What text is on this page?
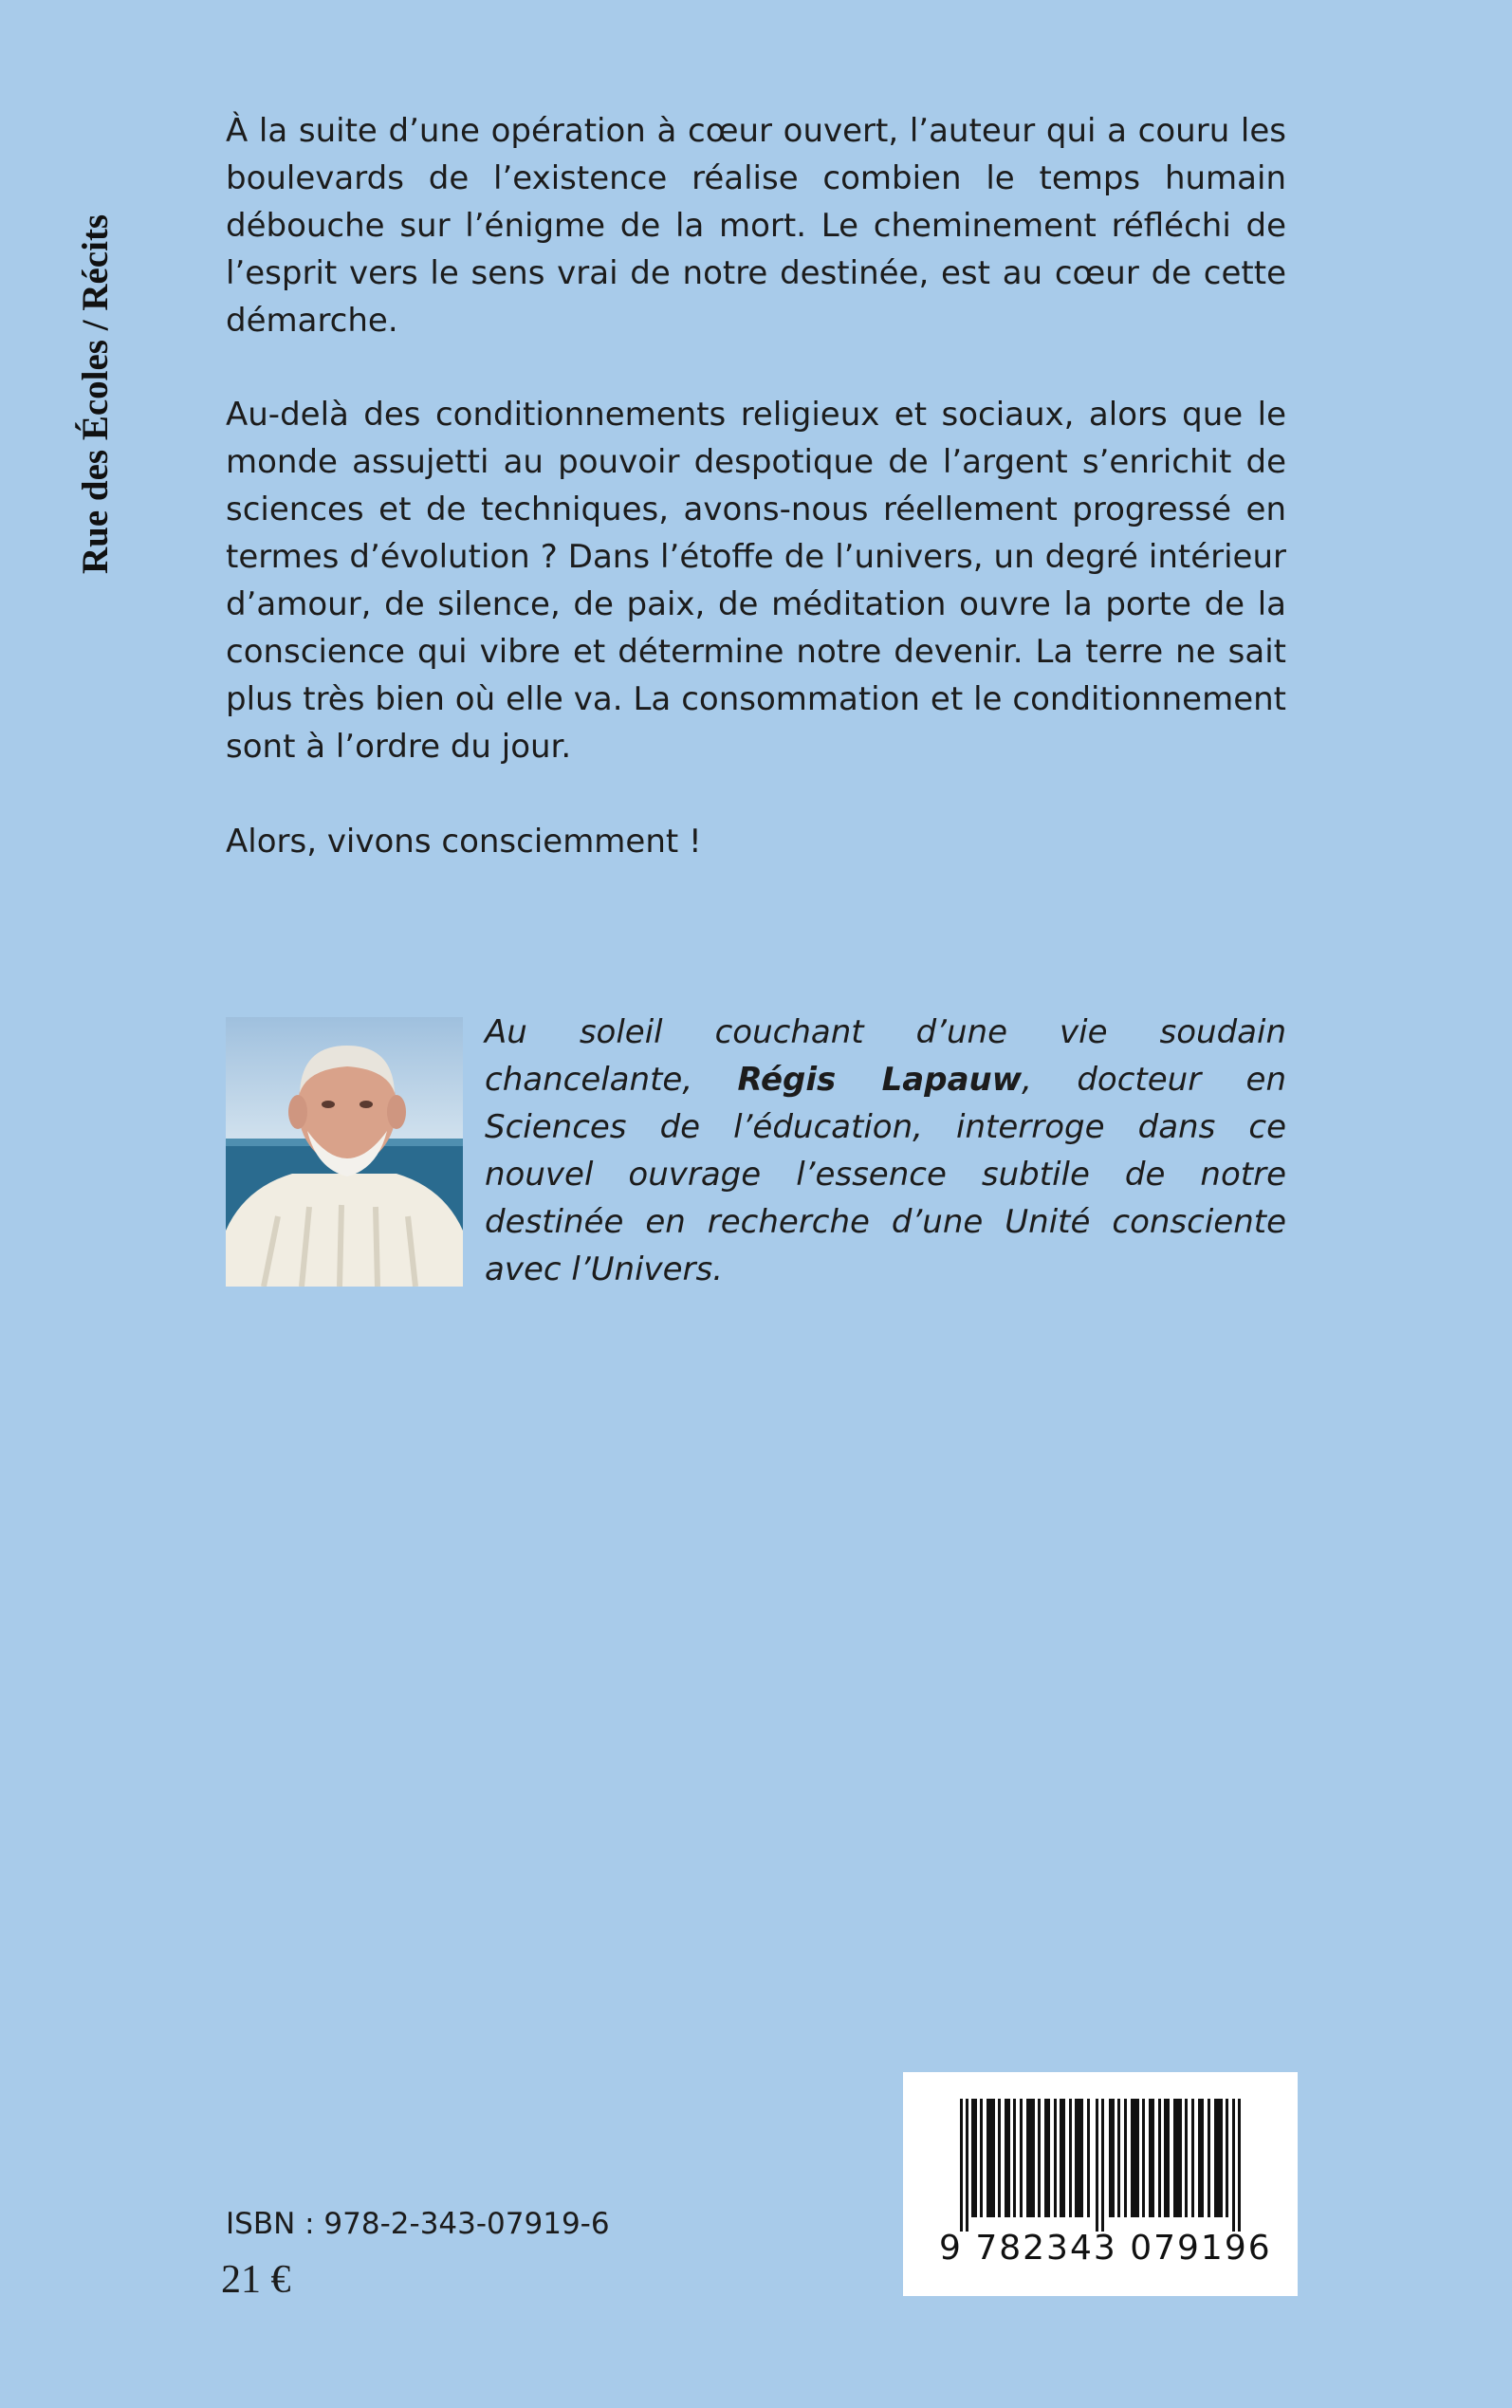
Rue des Écoles / Récits

À la suite d’une opération à cœur ouvert, l’auteur qui a couru les boulevards de l’existence réalise combien le temps humain débouche sur l’énigme de la mort. Le cheminement réfléchi de l’esprit vers le sens vrai de notre destinée, est au cœur de cette démarche.

Au-delà des conditionnements religieux et sociaux, alors que le monde assujetti au pouvoir despotique de l’argent s’enrichit de sciences et de techniques, avons-nous réellement progressé en termes d’évolution ? Dans l’étoffe de l’univers, un degré intérieur d’amour, de silence, de paix, de méditation ouvre la porte de la conscience qui vibre et détermine notre devenir. La terre ne sait plus très bien où elle va. La consommation et le conditionnement sont à l’ordre du jour.

Alors, vivons consciemment !

Au soleil couchant d’une vie soudain chancelante, Régis Lapauw, docteur en Sciences de l’éducation, interroge dans ce nouvel ouvrage l’essence subtile de notre destinée en recherche d’une Unité consciente avec l’Univers.
ISBN : 978-2-343-07919-6
21 €
9 782343 079196
